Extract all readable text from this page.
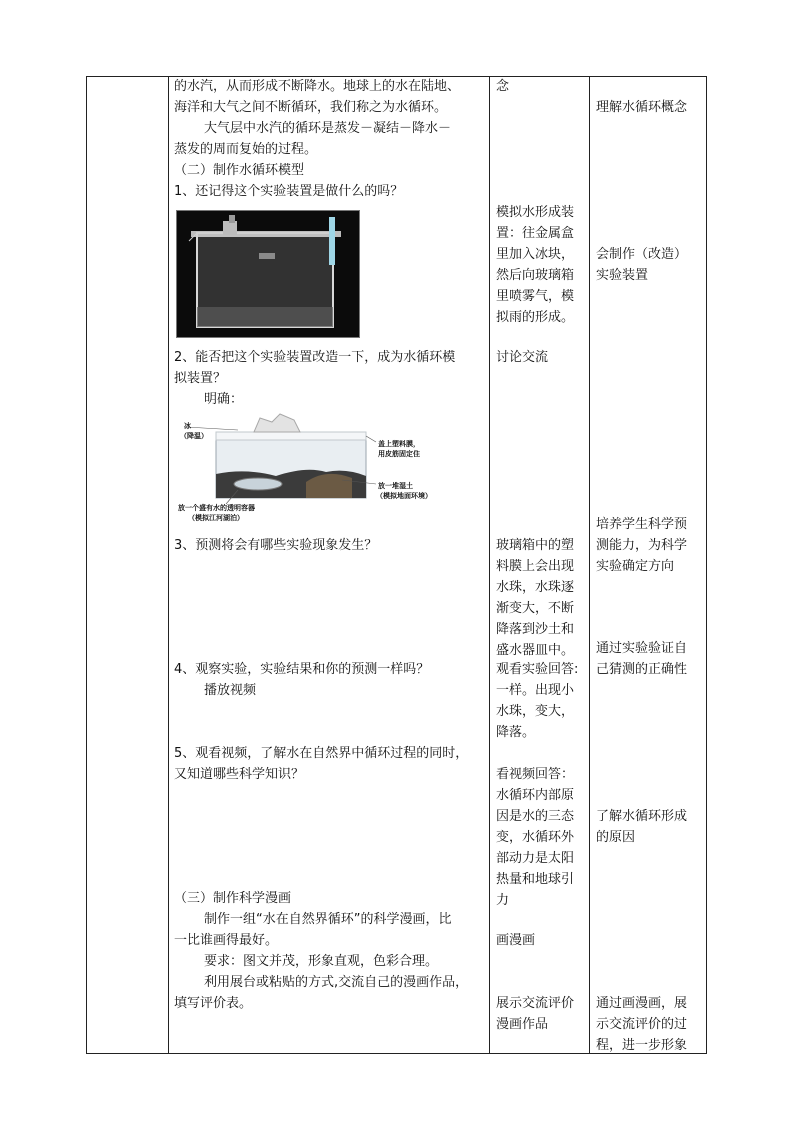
的水汽，从而形成不断降水。地球上的水在陆地、
海洋和大气之间不断循环，我们称之为水循环。
大气层中水汽的循环是蒸发－凝结－降水－
蒸发的周而复始的过程。
（二）制作水循环模型
1、还记得这个实验装置是做什么的吗？
2、能否把这个实验装置改造一下，成为水循环模
拟装置？
明确：
冰
（降温）
盖上塑料膜，
用皮筋固定住
放一堆湿土
（模拟地面环境）
放一个盛有水的透明容器
（模拟江河湖泊）
3、预测将会有哪些实验现象发生？
4、观察实验，实验结果和你的预测一样吗？
播放视频
5、观看视频，了解水在自然界中循环过程的同时，
又知道哪些科学知识？
（三）制作科学漫画
制作一组“水在自然界循环”的科学漫画，比
一比谁画得最好。
要求：图文并茂，形象直观，色彩合理。
利用展台或粘贴的方式,交流自己的漫画作品，
填写评价表。
念
模拟水形成装
置：往金属盒
里加入冰块，
然后向玻璃箱
里喷雾气，模
拟雨的形成。
讨论交流
玻璃箱中的塑
料膜上会出现
水珠，水珠逐
渐变大，不断
降落到沙土和
盛水器皿中。
观看实验回答:
一样。出现小
水珠，变大，
降落。
看视频回答：
水循环内部原
因是水的三态
变，水循环外
部动力是太阳
热量和地球引
力
画漫画
展示交流评价
漫画作品
理解水循环概念
会制作（改造）
实验装置
培养学生科学预
测能力，为科学
实验确定方向
通过实验验证自
己猜测的正确性
了解水循环形成
的原因
通过画漫画，展
示交流评价的过
程，进一步形象
